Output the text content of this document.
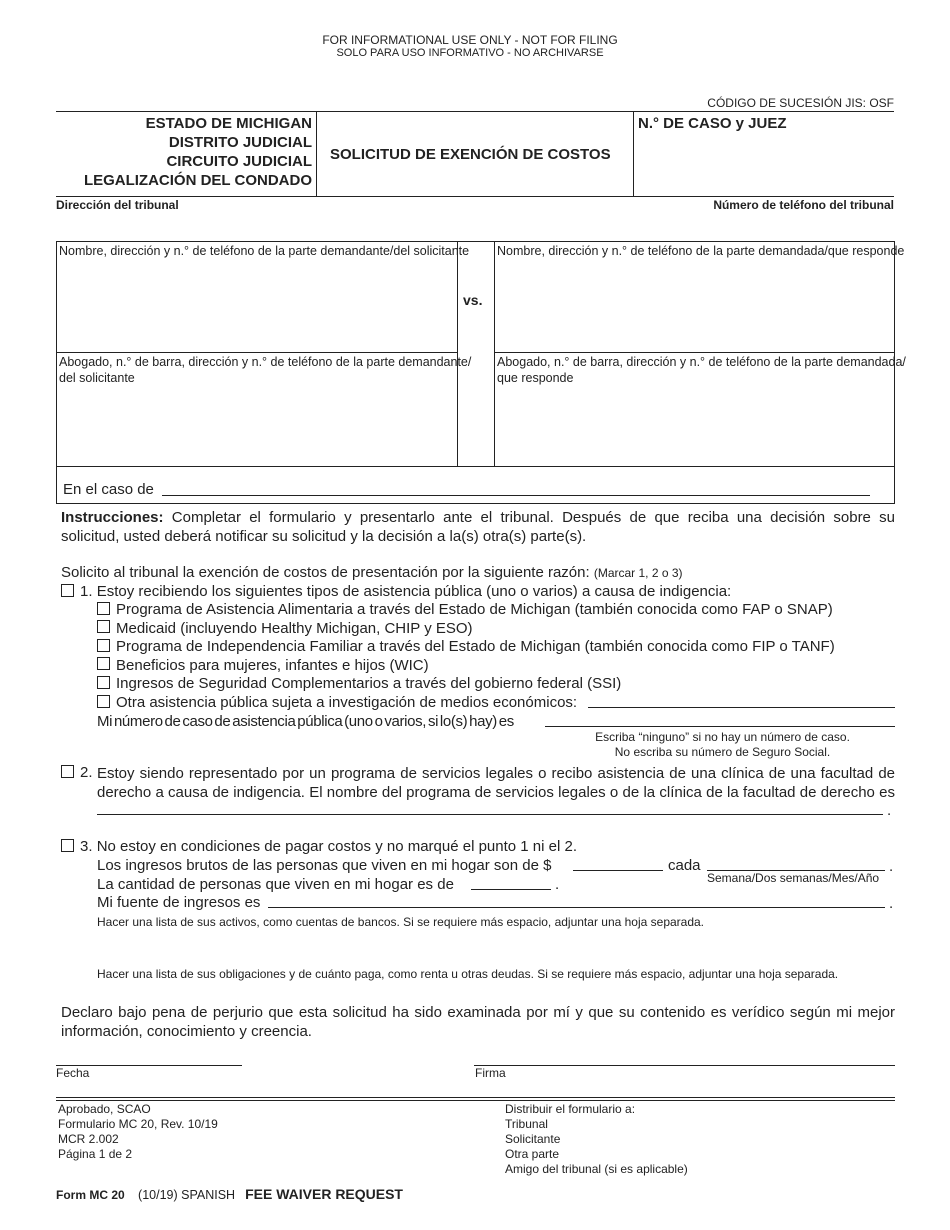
FOR INFORMATIONAL USE ONLY - NOT FOR FILING
SOLO PARA USO INFORMATIVO - NO ARCHIVARSE
CÓDIGO DE SUCESIÓN JIS: OSF
ESTADO DE MICHIGAN
DISTRITO JUDICIAL
CIRCUITO JUDICIAL
LEGALIZACIÓN DEL CONDADO
SOLICITUD DE EXENCIÓN DE COSTOS
N.° DE CASO y JUEZ
Dirección del tribunal	Número de teléfono del tribunal
Nombre, dirección y n.° de teléfono de la parte demandante/del solicitante Nombre, dirección y n.° de teléfono de la parte demandada/que responde
vs.
Abogado, n.° de barra, dirección y n.° de teléfono de la parte demandante/
del solicitante
Abogado, n.° de barra, dirección y n.° de teléfono de la parte demandada/
que responde
En el caso de
Instrucciones: Completar el formulario y presentarlo ante el tribunal. Después de que reciba una decisión sobre su
solicitud, usted deberá notificar su solicitud y la decisión a la(s) otra(s) parte(s).
Solicito al tribunal la exención de costos de presentación por la siguiente razón: (Marcar 1, 2 o 3)
1. Estoy recibiendo los siguientes tipos de asistencia pública (uno o varios) a causa de indigencia:
Programa de Asistencia Alimentaria a través del Estado de Michigan (también conocida como FAP o SNAP)
Medicaid (incluyendo Healthy Michigan, CHIP y ESO)
Programa de Independencia Familiar a través del Estado de Michigan (también conocida como FIP o TANF)
Beneficios para mujeres, infantes e hijos (WIC)
Ingresos de Seguridad Complementarios a través del gobierno federal (SSI)
Otra asistencia pública sujeta a investigación de medios económicos:
Mi número de caso de asistencia pública (uno o varios, si lo(s) hay) es
Escriba “ninguno” si no hay un número de caso.
No escriba su número de Seguro Social.
2. Estoy siendo representado por un programa de servicios legales o recibo asistencia de una clínica de una facultad de
derecho a causa de indigencia. El nombre del programa de servicios legales o de la clínica de la facultad de derecho es
.
3. No estoy en condiciones de pagar costos y no marqué el punto 1 ni el 2.
Los ingresos brutos de las personas que viven en mi hogar son de $	cada	.
Semana/Dos semanas/Mes/Año
La cantidad de personas que viven en mi hogar es de	.
Mi fuente de ingresos es	.
Hacer una lista de sus activos, como cuentas de bancos. Si se requiere más espacio, adjuntar una hoja separada.
Hacer una lista de sus obligaciones y de cuánto paga, como renta u otras deudas. Si se requiere más espacio, adjuntar una hoja separada.
Declaro bajo pena de perjurio que esta solicitud ha sido examinada por mí y que su contenido es verídico según mi mejor
información, conocimiento y creencia.
Fecha	Firma
Aprobado, SCAO
Formulario MC 20, Rev. 10/19
MCR 2.002
Página 1 de 2
Distribuir el formulario a:
Tribunal
Solicitante
Otra parte
Amigo del tribunal (si es aplicable)
Form MC 20 (10/19) SPANISH FEE WAIVER REQUEST
